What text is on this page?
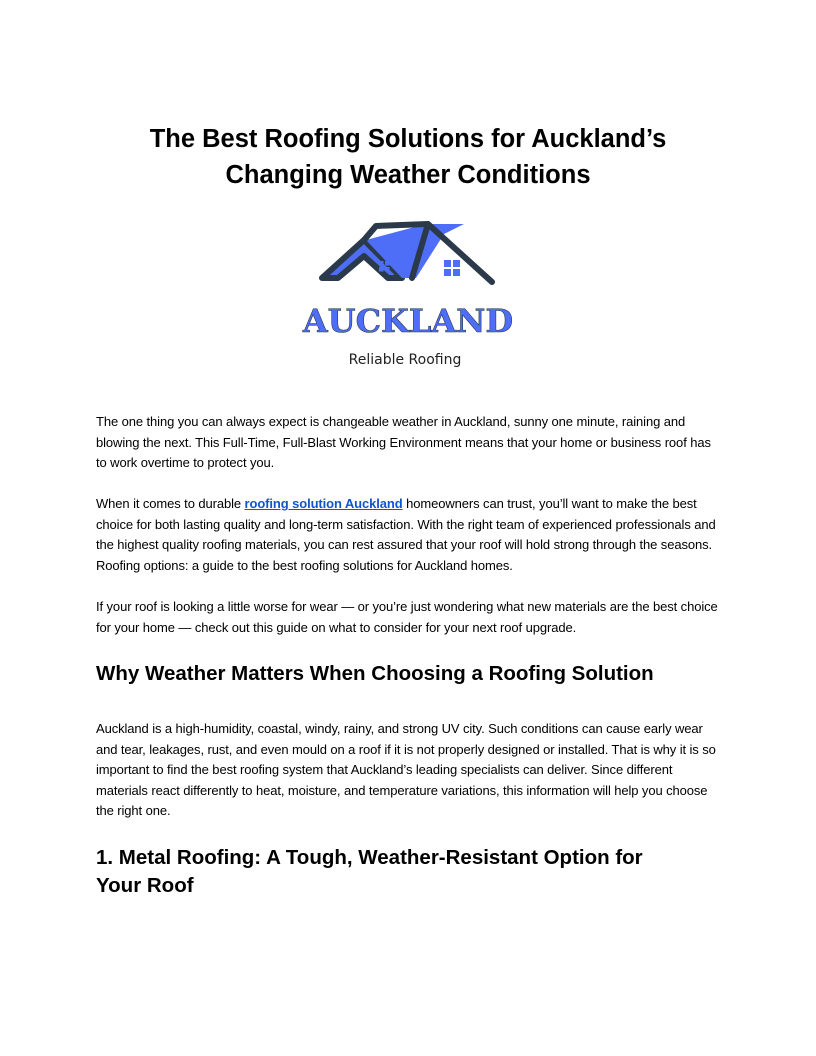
The Best Roofing Solutions for Auckland’s
Changing Weather Conditions
AUCKLAND
Reliable Roofing

The one thing you can always expect is changeable weather in Auckland, sunny one minute, raining and blowing the next. This Full-Time, Full-Blast Working Environment means that your home or business roof has to work overtime to protect you.

When it comes to durable roofing solution Auckland homeowners can trust, you’ll want to make the best choice for both lasting quality and long-term satisfaction. With the right team of experienced professionals and the highest quality roofing materials, you can rest assured that your roof will hold strong through the seasons. Roofing options: a guide to the best roofing solutions for Auckland homes.

If your roof is looking a little worse for wear — or you’re just wondering what new materials are the best choice for your home — check out this guide on what to consider for your next roof upgrade.

Why Weather Matters When Choosing a Roofing Solution

Auckland is a high-humidity, coastal, windy, rainy, and strong UV city. Such conditions can cause early wear and tear, leakages, rust, and even mould on a roof if it is not properly designed or installed. That is why it is so important to find the best roofing system that Auckland’s leading specialists can deliver. Since different materials react differently to heat, moisture, and temperature variations, this information will help you choose the right one.

1. Metal Roofing: A Tough, Weather-Resistant Option for
Your Roof
